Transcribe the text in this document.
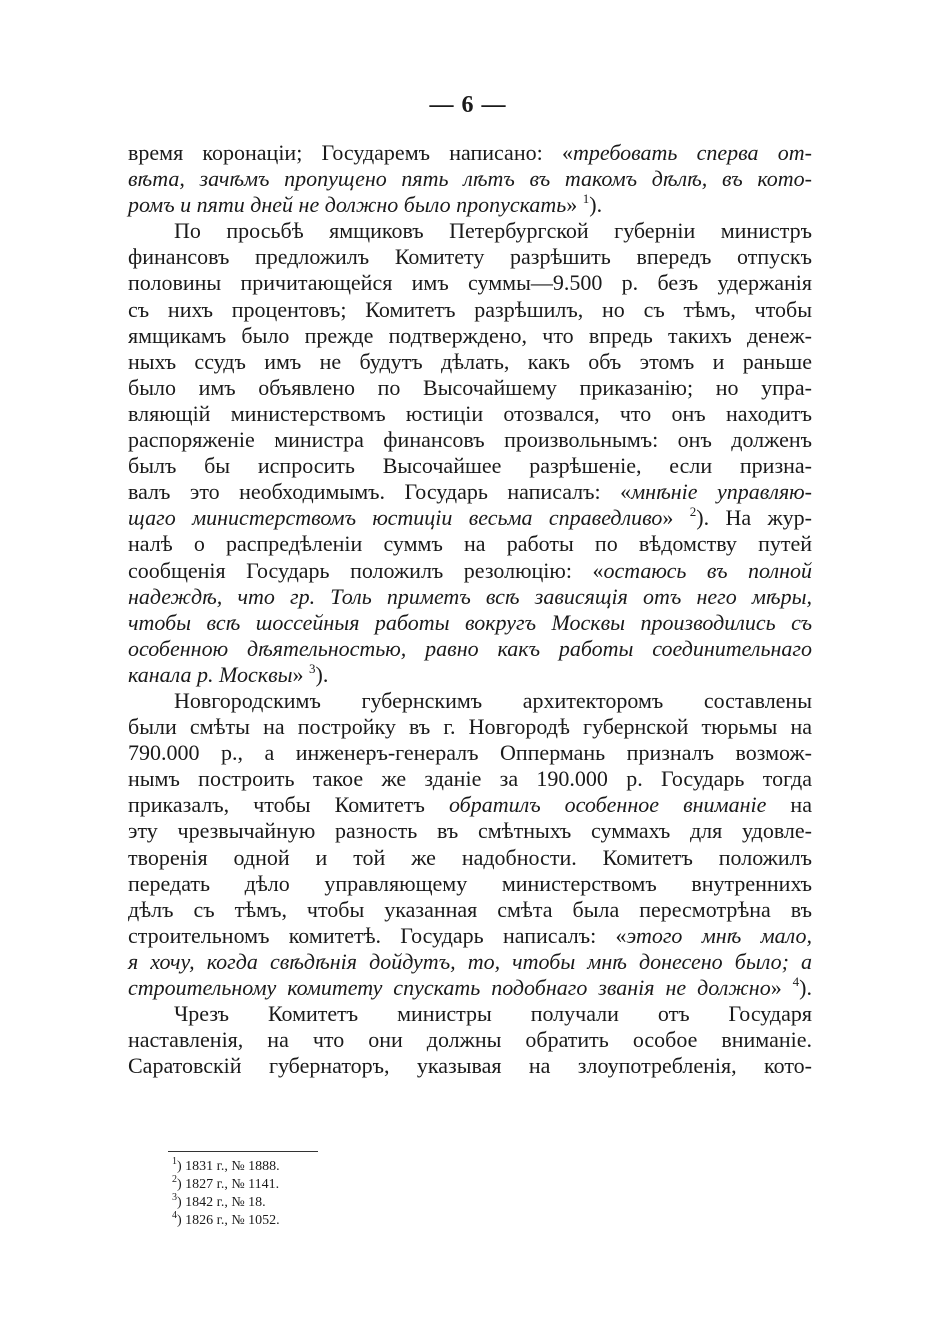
— 6 —
время коронаціи; Государемъ написано: «требовать сперва от-
вѣта, зачѣмъ пропущено пять лѣтъ въ такомъ дѣлѣ, въ кото-
ромъ и пяти дней не должно было пропускать» $^1$).
По просьбѣ ямщиковъ Петербургской губерніи министръ
финансовъ предложилъ Комитету разрѣшить впередъ отпускъ
половины причитающейся имъ суммы—9.500 р. безъ удержанія
съ нихъ процентовъ; Комитетъ разрѣшилъ, но съ тѣмъ, чтобы
ямщикамъ было прежде подтверждено, что впредь такихъ денеж-
ныхъ ссудъ имъ не будутъ дѣлать, какъ объ этомъ и раньше
было имъ объявлено по Высочайшему приказанію; но упра-
вляющій министерствомъ юстиціи отозвался, что онъ находитъ
распоряженіе министра финансовъ произвольнымъ: онъ долженъ
былъ бы испросить Высочайшее разрѣшеніе, если призна-
валъ это необходимымъ. Государь написалъ: «мнѣніе управляю-
щаго министерствомъ юстиціи весьма справедливо» $^2$). На жур-
налѣ о распредѣленіи суммъ на работы по вѣдомству путей
сообщенія Государь положилъ резолюцію: «остаюсь въ полной
надеждѣ, что гр. Толь приметъ всѣ зависящія отъ него мѣры,
чтобы всѣ шоссейныя работы вокругъ Москвы производились съ
особенною дѣятельностью, равно какъ работы соединительнаго
канала р. Москвы» $^3$).
Новгородскимъ губернскимъ архитекторомъ составлены
были смѣты на постройку въ г. Новгородѣ губернской тюрьмы на
790.000 р., а инженеръ-генералъ Оппермань призналъ возмож-
нымъ построить такое же зданіе за 190.000 р. Государь тогда
приказалъ, чтобы Комитетъ обратилъ особенное вниманіе на
эту чрезвычайную разность въ смѣтныхъ суммахъ для удовле-
творенія одной и той же надобности. Комитетъ положилъ
передать дѣло управляющему министерствомъ внутреннихъ
дѣлъ съ тѣмъ, чтобы указанная смѣта была пересмотрѣна въ
строительномъ комитетѣ. Государь написалъ: «этого мнѣ мало,
я хочу, когда свѣдѣнія дойдутъ, то, чтобы мнѣ донесено было; а
строительному комитету спускать подобнаго званія не должно» $^4$).
Чрезъ Комитетъ министры получали отъ Государя
наставленія, на что они должны обратить особое вниманіе.
Саратовскій губернаторъ, указывая на злоупотребленія, кото-
$^1$) 1831 г., № 1888.
$^2$) 1827 г., № 1141.
$^3$) 1842 г., № 18.
$^4$) 1826 г., № 1052.
